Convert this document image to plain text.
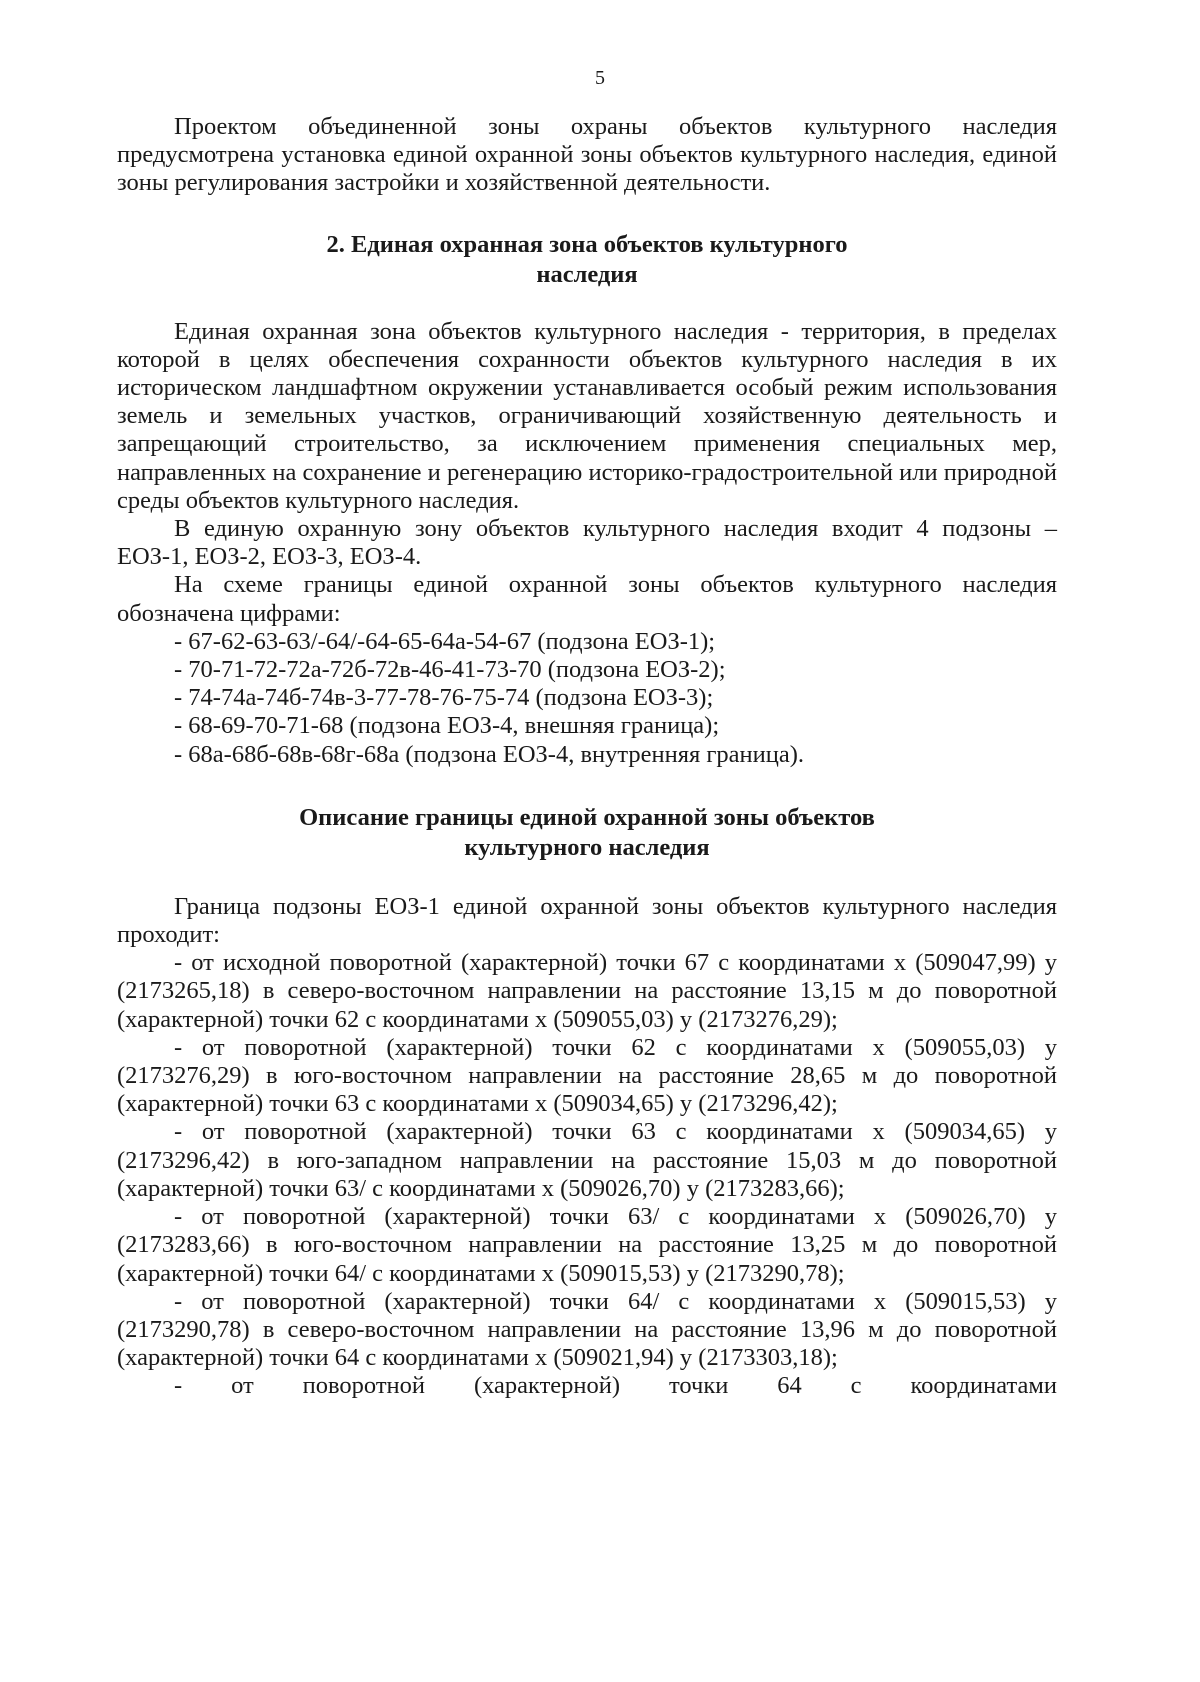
5

Проектом объединенной зоны охраны объектов культурного наследия предусмотрена установка единой охранной зоны объектов культурного наследия, единой зоны регулирования застройки и хозяйственной деятельности.

2. Единая охранная зона объектов культурного

наследия

Единая охранная зона объектов культурного наследия - территория, в пределах которой в целях обеспечения сохранности объектов культурного наследия в их историческом ландшафтном окружении устанавливается особый режим использования земель и земельных участков, ограничивающий хозяйственную деятельность и запрещающий строительство, за исключением применения специальных мер, направленных на сохранение и регенерацию историко-градостроительной или природной среды объектов культурного наследия.

В единую охранную зону объектов культурного наследия входит 4 подзоны – ЕОЗ-1, ЕОЗ-2, ЕОЗ-3, ЕОЗ-4.

На схеме границы единой охранной зоны объектов культурного наследия обозначена цифрами:

- 67-62-63-63/-64/-64-65-64а-54-67 (подзона ЕОЗ-1);

- 70-71-72-72а-72б-72в-46-41-73-70 (подзона ЕОЗ-2);

- 74-74а-74б-74в-3-77-78-76-75-74 (подзона ЕОЗ-3);

- 68-69-70-71-68 (подзона ЕОЗ-4, внешняя граница);

- 68а-68б-68в-68г-68а (подзона ЕОЗ-4, внутренняя граница).

Описание границы единой охранной зоны объектов

культурного наследия

Граница подзоны ЕОЗ-1 единой охранной зоны объектов культурного наследия проходит:

- от исходной поворотной (характерной) точки 67 с координатами х (509047,99) у (2173265,18) в северо-восточном направлении на расстояние 13,15 м до поворотной (характерной) точки 62 с координатами х (509055,03) у (2173276,29);

- от поворотной (характерной) точки 62 с координатами х (509055,03) у (2173276,29) в юго-восточном направлении на расстояние 28,65 м до поворотной (характерной) точки 63 с координатами х (509034,65) у (2173296,42);

- от поворотной (характерной) точки 63 с координатами х (509034,65) у (2173296,42) в юго-западном направлении на расстояние 15,03 м до поворотной (характерной) точки 63/ с координатами х (509026,70) у (2173283,66);

- от поворотной (характерной) точки 63/ с координатами х (509026,70) у (2173283,66) в юго-восточном направлении на расстояние 13,25 м до поворотной (характерной) точки 64/ с координатами х (509015,53) у (2173290,78);

- от поворотной (характерной) точки 64/ с координатами х (509015,53) у (2173290,78) в северо-восточном направлении на расстояние 13,96 м до поворотной (характерной) точки 64 с координатами х (509021,94) у (2173303,18);

- от поворотной (характерной) точки 64 с координатами
